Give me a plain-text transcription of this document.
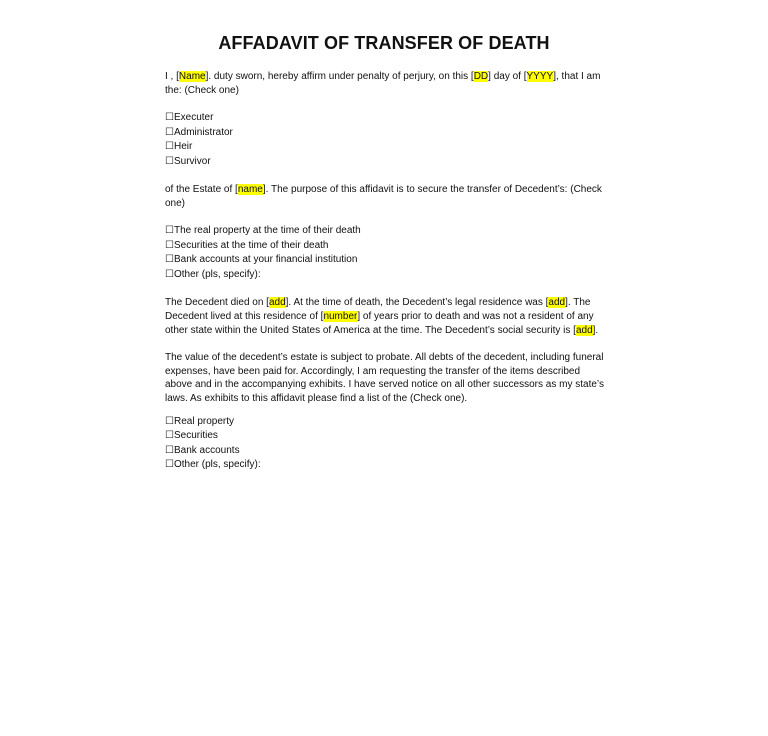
AFFADAVIT OF TRANSFER OF DEATH

I , [Name]. duty sworn, hereby affirm under penalty of perjury, on this [DD] day of [YYYY], that I am the: (Check one)

☐Executer
☐Administrator
☐Heir
☐Survivor

of the Estate of [name]. The purpose of this affidavit is to secure the transfer of Decedent’s: (Check one)

☐The real property at the time of their death
☐Securities at the time of their death
☐Bank accounts at your financial institution
☐Other (pls, specify):

The Decedent died on [add]. At the time of death, the Decedent’s legal residence was [add]. The Decedent lived at this residence of [number] of years prior to death and was not a resident of any other state within the United States of America at the time. The Decedent’s social security is [add].

The value of the decedent’s estate is subject to probate. All debts of the decedent, including funeral expenses, have been paid for. Accordingly, I am requesting the transfer of the items described above and in the accompanying exhibits. I have served notice on all other successors as my state’s laws. As exhibits to this affidavit please find a list of the (Check one).

☐Real property
☐Securities
☐Bank accounts
☐Other (pls, specify):
